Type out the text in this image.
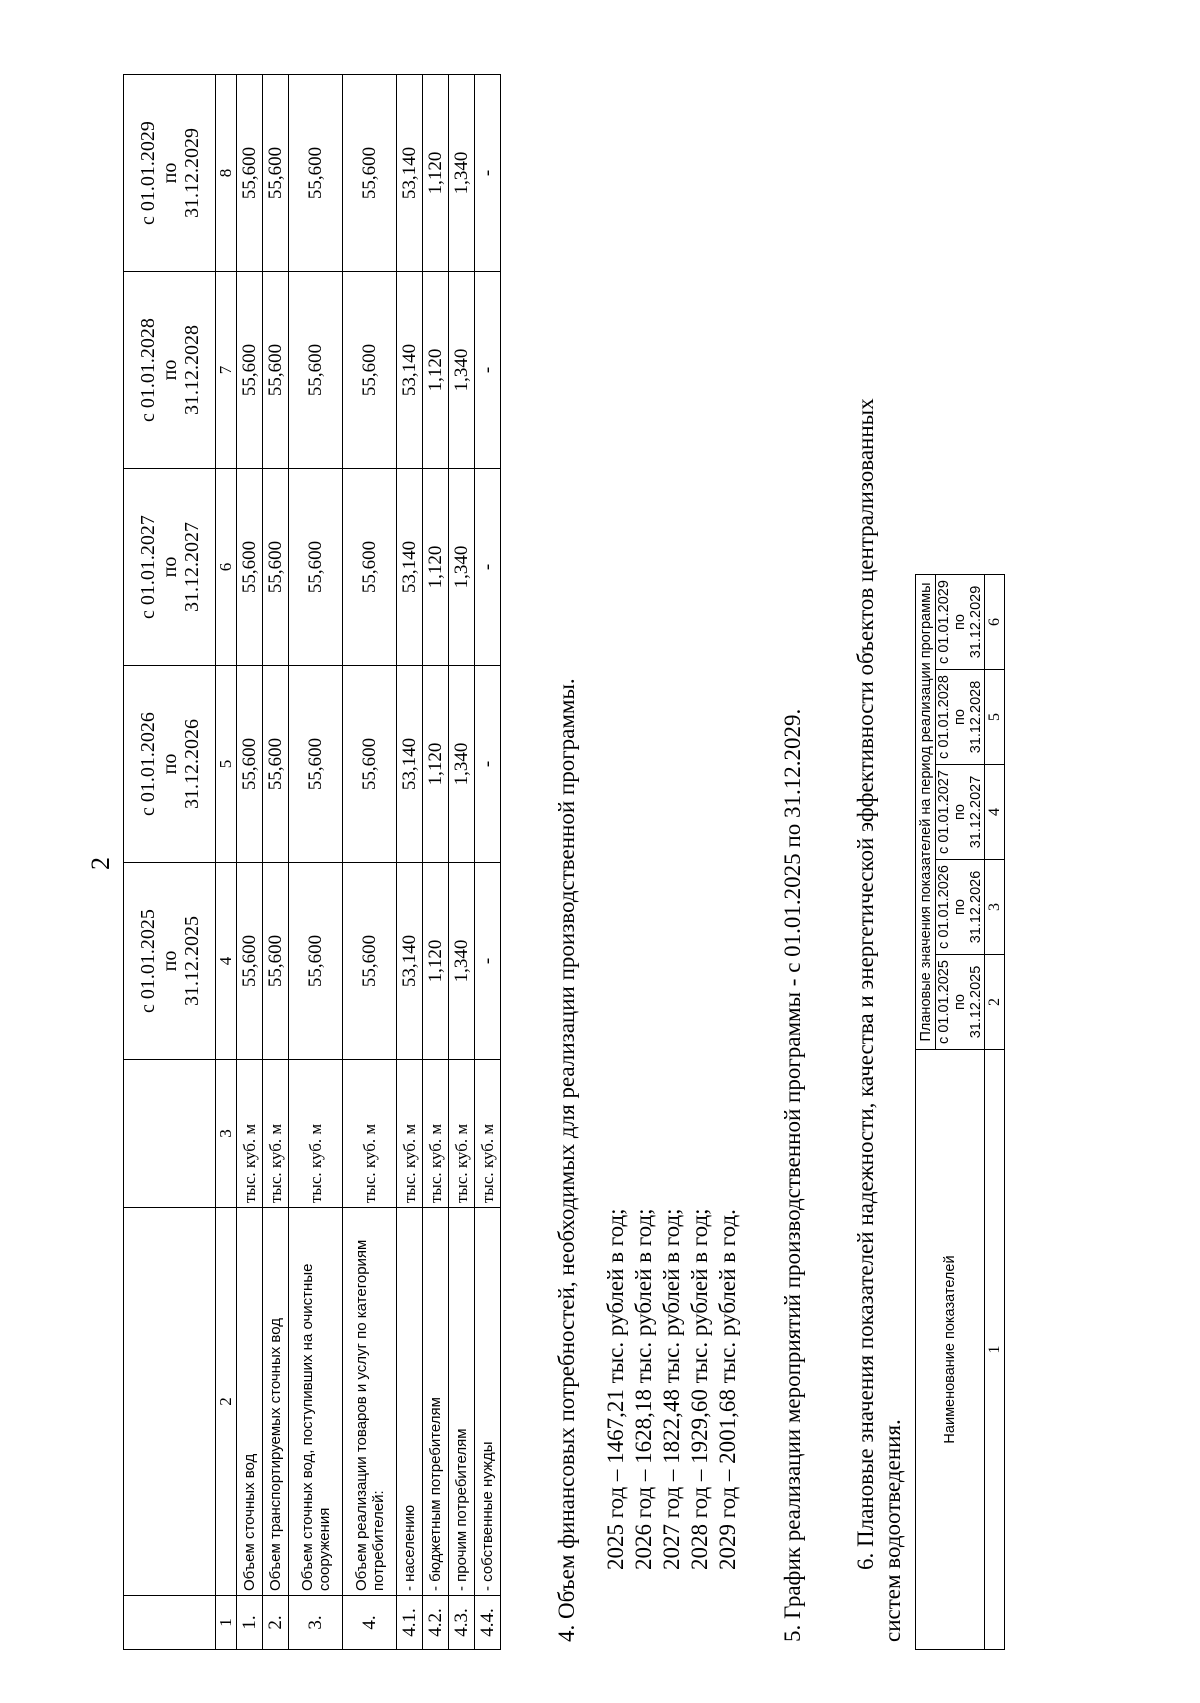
2
			с 01.01.2025
по
31.12.2025	с 01.01.2026
по
31.12.2026	с 01.01.2027
по
31.12.2027	с 01.01.2028
по
31.12.2028	с 01.01.2029
по
31.12.2029
1	2	3	4	5	6	7	8
1.	Объем сточных вод	тыс. куб. м	55,600	55,600	55,600	55,600	55,600
2.	Объем транспортируемых сточных вод	тыс. куб. м	55,600	55,600	55,600	55,600	55,600
3.	Объем сточных вод, поступивших на очистные сооружения	тыс. куб. м	55,600	55,600	55,600	55,600	55,600
4.	Объем реализации товаров и услуг по категориям потребителей:	тыс. куб. м	55,600	55,600	55,600	55,600	55,600
4.1.	- населению	тыс. куб. м	53,140	53,140	53,140	53,140	53,140
4.2.	- бюджетным потребителям	тыс. куб. м	1,120	1,120	1,120	1,120	1,120
4.3.	- прочим потребителям	тыс. куб. м	1,340	1,340	1,340	1,340	1,340
4.4.	- собственные нужды	тыс. куб. м	-	-	-	-	-
4. Объем финансовых потребностей, необходимых для реализации производственной программы. 2025 год – 1467,21 тыс. рублей в год; 2026 год – 1628,18 тыс. рублей в год; 2027 год – 1822,48 тыс. рублей в год; 2028 год – 1929,60 тыс. рублей в год; 2029 год – 2001,68 тыс. рублей в год. 5. График реализации мероприятий производственной программы - с 01.01.2025 по 31.12.2029. 6. Плановые значения показателей надежности, качества и энергетической эффективности объектов централизованных систем водоотведения.
Наименование показателей	Плановые значения показателей на период реализации программы				
	с 01.01.2025
по 31.12.2025	с 01.01.2026
по 31.12.2026	с 01.01.2027
по 31.12.2027	с 01.01.2028
по 31.12.2028	с 01.01.2029
по 31.12.2029
1	2	3	4	5	6
